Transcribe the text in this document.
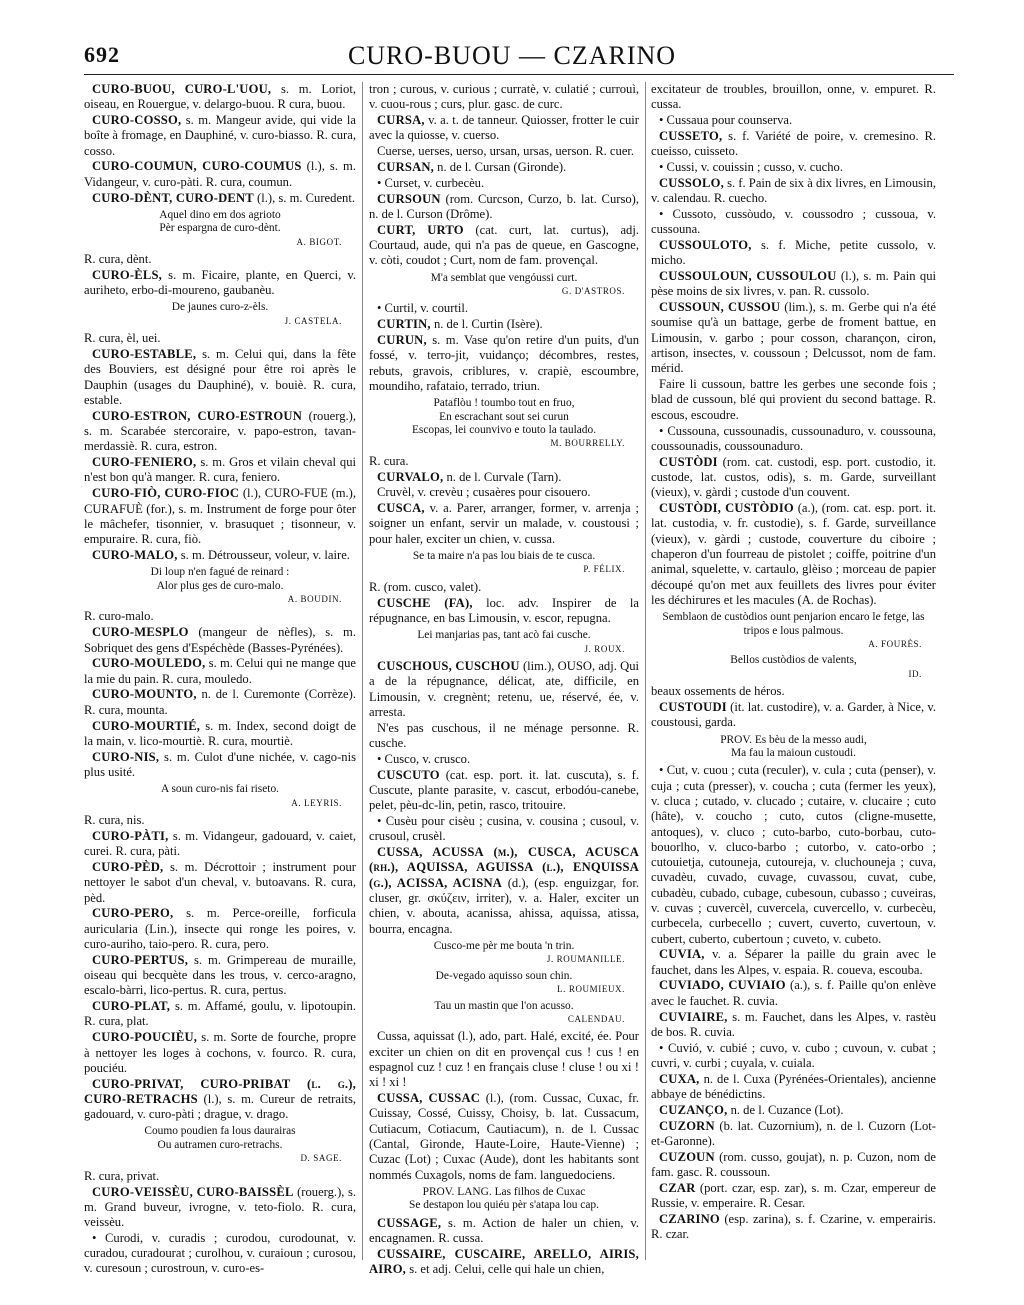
692	CURO-BUOU — CZARINO

CURO-BUOU, CURO-L'UOU, s. m. Loriot, oiseau, en Rouergue, v. delargo-buou. R cura, buou.

CURO-COSSO, s. m. Mangeur avide, qui vide la boîte à fromage, en Dauphiné, v. curo-biasso. R. cura, cosso.

CURO-COUMUN, CURO-COUMUS (l.), s. m. Vidangeur, v. curo-pàti. R. cura, coumun.

CURO-DÈNT, CURO-DENT (l.), s. m. Curedent.

Aquel dino em dos agrioto
Pèr espargna de curo-dènt.
A. BIGOT.

R. cura, dènt.

CURO-ÈLS, s. m. Ficaire, plante, en Querci, v. auriheto, erbo-di-moureno, gaubanèu.

De jaunes curo-z-èls.
J. CASTELA.

R. cura, èl, uei.

CURO-ESTABLE, s. m. Celui qui, dans la fête des Bouviers, est désigné pour être roi après le Dauphin (usages du Dauphiné), v. bouiè. R. cura, estable.

CURO-ESTRON, CURO-ESTROUN (rouerg.), s. m. Scarabée stercoraire, v. papo-estron, tavan-merdassiè. R. cura, estron.

CURO-FENIERO, s. m. Gros et vilain cheval qui n'est bon qu'à manger. R. cura, feniero.

CURO-FIÒ, CURO-FIOC (l.), CURO-FUE (m.), CURAFUÈ (for.), s. m. Instrument de forge pour ôter le mâchefer, tisonnier, v. brasuquet ; tisonneur, v. empuraire. R. cura, fiò.

CURO-MALO, s. m. Détrousseur, voleur, v. laire.

Di loup n'en fagué de reinard :
Alor plus ges de curo-malo.
A. BOUDIN.

R. curo-malo.

CURO-MESPLO (mangeur de nèfles), s. m. Sobriquet des gens d'Espéchède (Basses-Pyrénées).

CURO-MOULEDO, s. m. Celui qui ne mange que la mie du pain. R. cura, mouledo.

CURO-MOUNTO, n. de l. Curemonte (Corrèze). R. cura, mounta.

CURO-MOURTIÉ, s. m. Index, second doigt de la main, v. lico-mourtiè. R. cura, mourtiè.

CURO-NIS, s. m. Culot d'une nichée, v. cago-nis plus usité.

A soun curo-nis fai riseto.
A. LEYRIS.

R. cura, nis.

CURO-PÀTI, s. m. Vidangeur, gadouard, v. caiet, curei. R. cura, pàti.

CURO-PÈD, s. m. Décrottoir ; instrument pour nettoyer le sabot d'un cheval, v. butoavans. R. cura, pèd.

CURO-PERO, s. m. Perce-oreille, forficula auricularia (Lin.), insecte qui ronge les poires, v. curo-auriho, taio-pero. R. cura, pero.

CURO-PERTUS, s. m. Grimpereau de muraille, oiseau qui becquète dans les trous, v. cerco-aragno, escalo-bàrri, lico-pertus. R. cura, pertus.

CURO-PLAT, s. m. Affamé, goulu, v. lipotoupin. R. cura, plat.

CURO-POUCIÈU, s. m. Sorte de fourche, propre à nettoyer les loges à cochons, v. fourco. R. cura, pouciéu.

CURO-PRIVAT, CURO-PRIBAT (l. g.), CURO-RETRACHS (l.), s. m. Cureur de retraits, gadouard, v. curo-pàti ; drague, v. drago.

Coumo poudien fa lous daurairas
Ou autramen curo-retrachs.
D. SAGE.

R. cura, privat.

CURO-VEISSÈU, CURO-BAISSÈL (rouerg.), s. m. Grand buveur, ivrogne, v. teto-fiolo. R. cura, veissèu.

• Curodi, v. curadis ; curodou, curodounat, v. curadou, curadourat ; curolhou, v. curaioun ; curosou, v. curesoun ; curostroun, v. curo-es-

tron ; curous, v. curious ; curratè, v. culatié ; currouì, v. cuou-rous ; curs, plur. gasc. de curc.

CURSA, v. a. t. de tanneur. Quiosser, frotter le cuir avec la quiosse, v. cuerso.

Cuerse, uerses, uerso, ursan, ursas, uerson. R. cuer.

CURSAN, n. de l. Cursan (Gironde).

• Curset, v. curbecèu.

CURSOUN (rom. Curcson, Curzo, b. lat. Curso), n. de l. Curson (Drôme).

CURT, URTO (cat. curt, lat. curtus), adj. Courtaud, aude, qui n'a pas de queue, en Gascogne, v. còti, coudot ; Curt, nom de fam. provençal.

M'a semblat que vengóussi curt.
G. D'ASTROS.

• Curtil, v. courtil.

CURTIN, n. de l. Curtin (Isère).

CURUN, s. m. Vase qu'on retire d'un puits, d'un fossé, v. terro-jit, vuidanço; décombres, restes, rebuts, gravois, criblures, v. crapiè, escoumbre, moundiho, rafataio, terrado, triun.

Pataflòu ! toumbo tout en fruo,
En escrachant sout sei curun
Escopas, lei counvivo e touto la taulado.
M. BOURRELLY.

R. cura.

CURVALO, n. de l. Curvale (Tarn).

Cruvèl, v. crevèu ; cusaères pour cisouero.

CUSCA, v. a. Parer, arranger, former, v. arrenja ; soigner un enfant, servir un malade, v. coustousi ; pour haler, exciter un chien, v. cussa.

Se ta maire n'a pas lou biais de te cusca.
P. FÉLIX.

R. (rom. cusco, valet).

CUSCHE (FA), loc. adv. Inspirer de la répugnance, en bas Limousin, v. escor, repugna.

Lei manjarias pas, tant acò fai cusche.
J. ROUX.

CUSCHOUS, CUSCHOU (lim.), OUSO, adj. Qui a de la répugnance, délicat, ate, difficile, en Limousin, v. cregnènt; retenu, ue, réservé, ée, v. arresta.

N'es pas cuschous, il ne ménage personne. R. cusche.

• Cusco, v. crusco.

CUSCUTO (cat. esp. port. it. lat. cuscuta), s. f. Cuscute, plante parasite, v. cascut, erbodóu-canebe, pelet, pèu-dc-lin, petin, rasco, tritouire.

• Cusèu pour cisèu ; cusina, v. cousina ; cusoul, v. crusoul, crusèl.

CUSSA, ACUSSA (m.), CUSCA, ACUSCA (rh.), AQUISSA, AGUISSA (l.), ENQUISSA (g.), ACISSA, ACISNA (d.), (esp. enguizgar, for. cluser, gr. σκύζειν, irriter), v. a. Haler, exciter un chien, v. abouta, acanissa, ahissa, aquissa, atissa, bourra, encagna.

Cusco-me pèr me bouta 'n trin.
J. ROUMANILLE.
De-vegado aquisso soun chin.
L. ROUMIEUX.
Tau un mastin que l'on acusso.
CALENDAU.

Cussa, aquissat (l.), ado, part. Halé, excité, ée. Pour exciter un chien on dit en provençal cus ! cus ! en espagnol cuz ! cuz ! en français cluse ! cluse ! ou xi ! xi ! xi !

CUSSA, CUSSAC (l.), (rom. Cussac, Cuxac, fr. Cuissay, Cossé, Cuissy, Choisy, b. lat. Cussacum, Cutiacum, Cotiacum, Cautiacum), n. de l. Cussac (Cantal, Gironde, Haute-Loire, Haute-Vienne) ; Cuzac (Lot) ; Cuxac (Aude), dont les habitants sont nommés Cuxagols, noms de fam. languedociens.

PROV. LANG. Las filhos de Cuxac
Se destapon lou quiéu pèr s'atapa lou cap.

CUSSAGE, s. m. Action de haler un chien, v. encagnamen. R. cussa.

CUSSAIRE, CUSCAIRE, ARELLO, AIRIS, AIRO, s. et adj. Celui, celle qui hale un chien,

excitateur de troubles, brouillon, onne, v. empuret. R. cussa.

• Cussaua pour counserva.

CUSSETO, s. f. Variété de poire, v. cremesino. R. cueisso, cuisseto.

• Cussi, v. couissin ; cusso, v. cucho.

CUSSOLO, s. f. Pain de six à dix livres, en Limousin, v. calendau. R. cuecho.

• Cussoto, cussòudo, v. coussodro ; cussoua, v. cussouna.

CUSSOULOTO, s. f. Miche, petite cussolo, v. micho.

CUSSOULOUN, CUSSOULOU (l.), s. m. Pain qui pèse moins de six livres, v. pan. R. cussolo.

CUSSOUN, CUSSOU (lim.), s. m. Gerbe qui n'a été soumise qu'à un battage, gerbe de froment battue, en Limousin, v. garbo ; pour cosson, charançon, ciron, artison, insectes, v. coussoun ; Delcussot, nom de fam. mérid.

Faire li cussoun, battre les gerbes une seconde fois ; blad de cussoun, blé qui provient du second battage. R. escous, escoudre.

• Cussouna, cussounadis, cussounaduro, v. coussouna, coussounadis, coussounaduro.

CUSTÒDI (rom. cat. custodi, esp. port. custodio, it. custode, lat. custos, odis), s. m. Garde, surveillant (vieux), v. gàrdi ; custode d'un couvent.

CUSTÒDI, CUSTÒDIO (a.), (rom. cat. esp. port. it. lat. custodia, v. fr. custodie), s. f. Garde, surveillance (vieux), v. gàrdi ; custode, couverture du ciboire ; chaperon d'un fourreau de pistolet ; coiffe, poitrine d'un animal, squelette, v. cartaulo, glèiso ; morceau de papier découpé qu'on met aux feuillets des livres pour éviter les déchirures et les macules (A. de Rochas).

Semblaon de custòdios ount penjarion encaro le fetge, las tripos e lous palmous.
A. FOURÈS.
Bellos custòdios de valents,
ID.

beaux ossements de héros.

CUSTOUDI (it. lat. custodire), v. a. Garder, à Nice, v. coustousi, garda.

PROV. Es bèu de la messo audi,
Ma fau la maioun custoudi.

• Cut, v. cuou ; cuta (reculer), v. cula ; cuta (penser), v. cuja ; cuta (presser), v. coucha ; cuta (fermer les yeux), v. cluca ; cutado, v. clucado ; cutaire, v. clucaire ; cuto (hâte), v. coucho ; cuto, cutos (cligne-musette, antoques), v. cluco ; cuto-barbo, cuto-borbau, cuto-bouorlho, v. cluco-barbo ; cutorbo, v. cato-orbo ; cutouietja, cutouneja, cutoureja, v. cluchouneja ; cuva, cuvadèu, cuvado, cuvage, cuvassou, cuvat, cube, cubadèu, cubado, cubage, cubesoun, cubasso ; cuveiras, v. cuvas ; cuvercèl, cuvercela, cuvercello, v. curbecèu, curbecela, curbecello ; cuvert, cuverto, cuvertoun, v. cubert, cuberto, cubertoun ; cuveto, v. cubeto.

CUVIA, v. a. Séparer la paille du grain avec le fauchet, dans les Alpes, v. espaia. R. coueva, escouba.

CUVIADO, CUVIAIO (a.), s. f. Paille qu'on enlève avec le fauchet. R. cuvia.

CUVIAIRE, s. m. Fauchet, dans les Alpes, v. rastèu de bos. R. cuvia.

• Cuvió, v. cubié ; cuvo, v. cubo ; cuvoun, v. cubat ; cuvri, v. curbi ; cuyala, v. cuiala.

CUXA, n. de l. Cuxa (Pyrénées-Orientales), ancienne abbaye de bénédictins.

CUZANÇO, n. de l. Cuzance (Lot).

CUZORN (b. lat. Cuzornium), n. de l. Cuzorn (Lot-et-Garonne).

CUZOUN (rom. cusso, goujat), n. p. Cuzon, nom de fam. gasc. R. coussoun.

CZAR (port. czar, esp. zar), s. m. Czar, empereur de Russie, v. emperaire. R. Cesar.

CZARINO (esp. zarina), s. f. Czarine, v. emperairis. R. czar.
